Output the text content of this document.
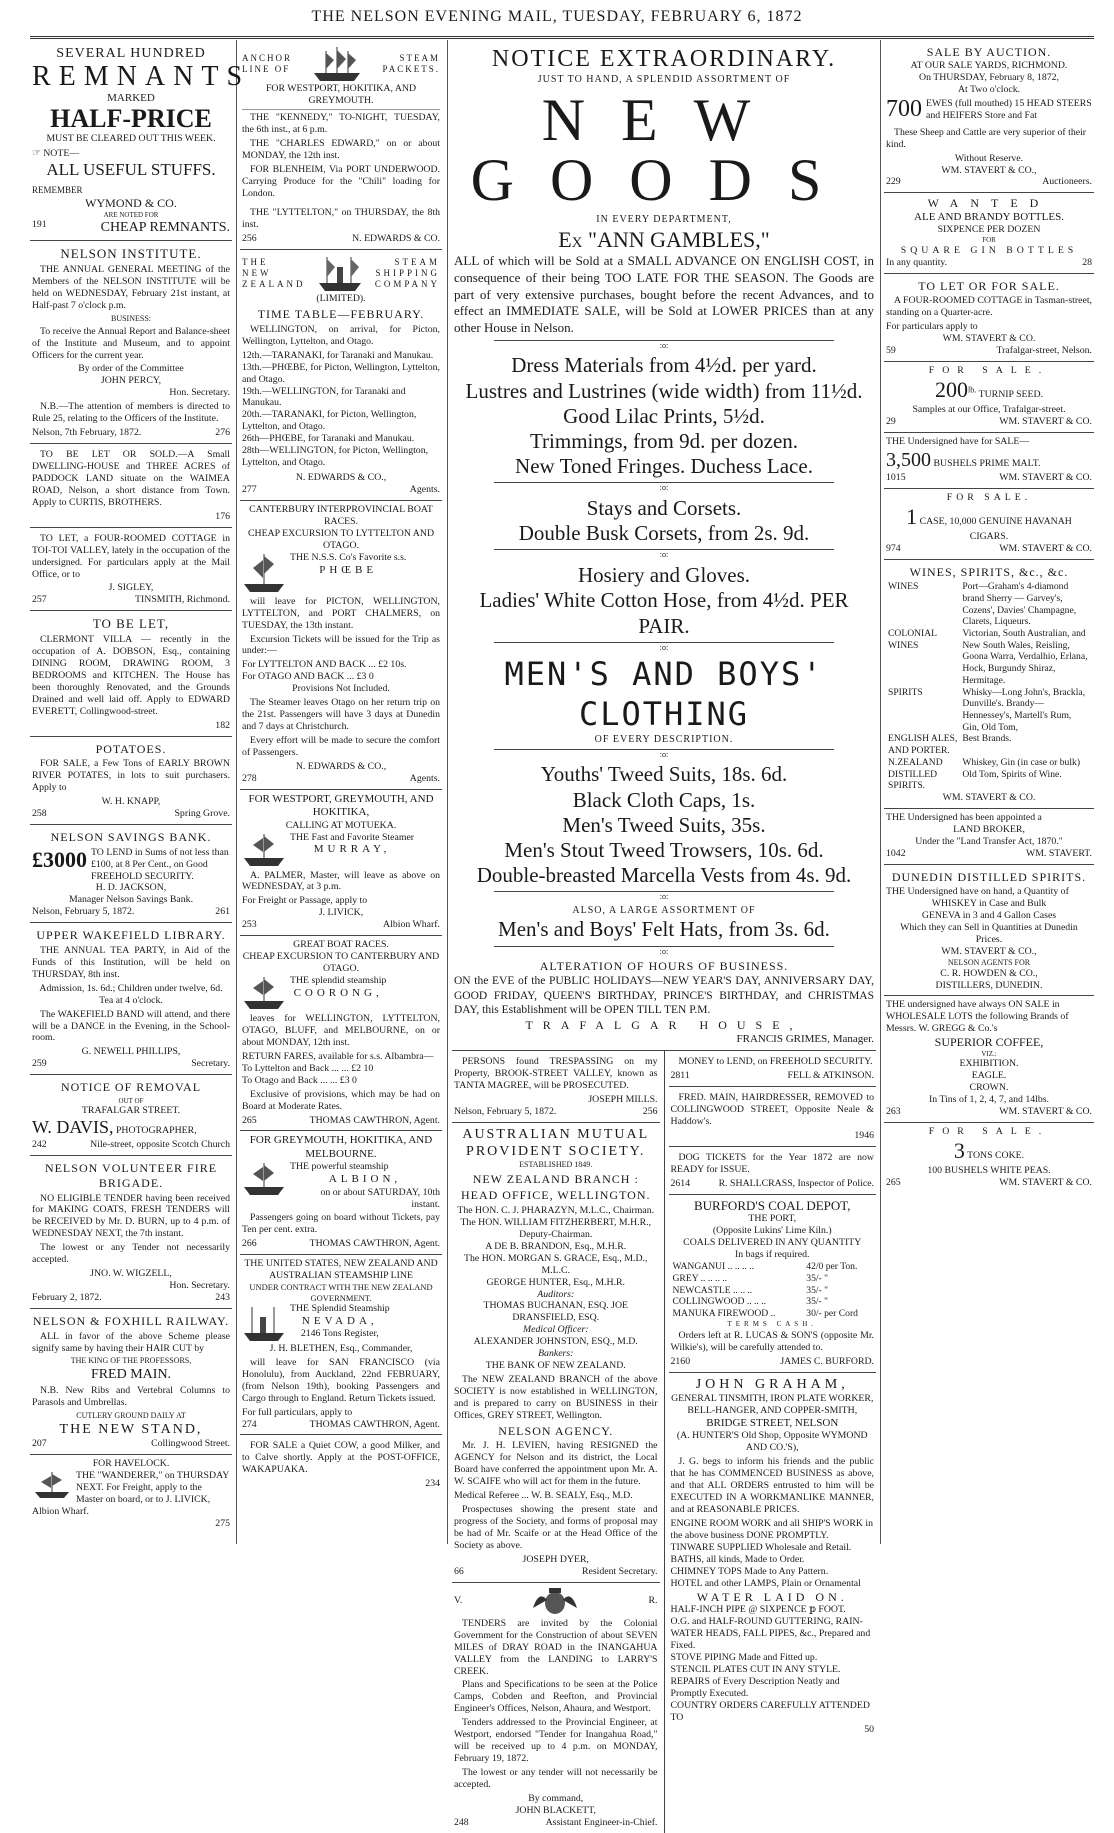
THE NELSON EVENING MAIL, TUESDAY, FEBRUARY 6, 1872
SEVERAL HUNDRED
REMNANTS
MARKED
HALF-PRICE
MUST BE CLEARED OUT THIS WEEK.
☞ NOTE—
ALL USEFUL STUFFS.
REMEMBER
WYMOND & CO.
ARE NOTED FOR
191	CHEAP REMNANTS.
NELSON INSTITUTE.
THE ANNUAL GENERAL MEETING of the Members of the NELSON INSTITUTE will be held on WEDNESDAY, February 21st instant, at Half-past 7 o'clock p.m.
BUSINESS:
To receive the Annual Report and Balance-sheet of the Institute and Museum, and to appoint Officers for the current year.
By order of the Committee
JOHN PERCY,
Hon. Secretary.
N.B.—The attention of members is directed to Rule 25, relating to the Officers of the Institute.
Nelson, 7th February, 1872.	276
TO BE LET OR SOLD.—A Small DWELLING-HOUSE and THREE ACRES of PADDOCK LAND situate on the WAIMEA ROAD, Nelson, a short distance from Town. Apply to CURTIS, BROTHERS.
176
TO LET, a FOUR-ROOMED COTTAGE in TOI-TOI VALLEY, lately in the occupation of the undersigned. For particulars apply at the Mail Office, or to
J. SIGLEY,
257	TINSMITH, Richmond.
TO BE LET,
CLERMONT VILLA — recently in the occupation of A. DOBSON, Esq., containing DINING ROOM, DRAWING ROOM, 3 BEDROOMS and KITCHEN. The House has been thoroughly Renovated, and the Grounds Drained and well laid off. Apply to EDWARD EVERETT, Collingwood-street.
182
POTATOES.
FOR SALE, a Few Tons of EARLY BROWN RIVER POTATES, in lots to suit purchasers. Apply to
W. H. KNAPP,
258	Spring Grove.
NELSON SAVINGS BANK.
£3000 TO LEND in Sums of not less than £100, at 8 Per Cent., on Good FREEHOLD SECURITY.
H. D. JACKSON,
Manager Nelson Savings Bank.
Nelson, February 5, 1872.	261
UPPER WAKEFIELD LIBRARY.
THE ANNUAL TEA PARTY, in Aid of the Funds of this Institution, will be held on THURSDAY, 8th inst.
Admission, 1s. 6d.; Children under twelve, 6d.
Tea at 4 o'clock.
The WAKEFIELD BAND will attend, and there will be a DANCE in the Evening, in the School-room.
G. NEWELL PHILLIPS,
259	Secretary.
NOTICE OF REMOVAL
OUT OF
TRAFALGAR STREET.
W. DAVIS, PHOTOGRAPHER,
242	Nile-street, opposite Scotch Church
NELSON VOLUNTEER FIRE BRIGADE.
NO ELIGIBLE TENDER having been received for MAKING COATS, FRESH TENDERS will be RECEIVED by Mr. D. BURN, up to 4 p.m. of WEDNESDAY NEXT, the 7th instant.
The lowest or any Tender not necessarily accepted.
JNO. W. WIGZELL,
Hon. Secretary.
February 2, 1872.	243
NELSON & FOXHILL RAILWAY.
ALL in favor of the above Scheme please signify same by having their HAIR CUT by
THE KING OF THE PROFESSORS,
FRED MAIN.
N.B. New Ribs and Vertebral Columns to Parasols and Umbrellas.
CUTLERY GROUND DAILY AT
THE NEW STAND,
207	Collingwood Street.
FOR HAVELOCK.
THE "WANDERER," on THURSDAY NEXT. For Freight, apply to the Master on board, or to J. LIVICK, Albion Wharf.
275
ANCHOR
LINE OF
STEAM
PACKETS.
FOR WESTPORT, HOKITIKA, AND GREYMOUTH.
THE "KENNEDY," TO-NIGHT, TUESDAY, the 6th inst., at 6 p.m.
THE "CHARLES EDWARD," on or about MONDAY, the 12th inst.
FOR BLENHEIM, Via PORT UNDERWOOD. Carrying Produce for the "Chili" loading for London.
THE "LYTTELTON," on THURSDAY, the 8th inst.
256	N. EDWARDS & CO.
THE
NEW
ZEALAND
STEAM
SHIPPING
COMPANY
(LIMITED).
TIME TABLE—FEBRUARY.
WELLINGTON, on arrival, for Picton, Wellington, Lyttelton, and Otago.
12th.—TARANAKI, for Taranaki and Manukau.
13th.—PHŒBE, for Picton, Wellington, Lyttelton, and Otago.
19th.—WELLINGTON, for Taranaki and Manukau.
20th.—TARANAKI, for Picton, Wellington, Lyttelton, and Otago.
26th—PHŒBE, for Taranaki and Manukau.
28th—WELLINGTON, for Picton, Wellington, Lyttelton, and Otago.
N. EDWARDS & CO.,
277	Agents.
CANTERBURY INTERPROVINCIAL BOAT RACES.
CHEAP EXCURSION TO LYTTELTON AND OTAGO.
THE N.S.S. Co's Favorite s.s.
PHŒBE
will leave for PICTON, WELLINGTON, LYTTELTON, and PORT CHALMERS, on TUESDAY, the 13th instant.
Excursion Tickets will be issued for the Trip as under:—
For LYTTELTON AND BACK ... £2 10s.
For OTAGO AND BACK ... £3 0
Provisions Not Included.
The Steamer leaves Otago on her return trip on the 21st. Passengers will have 3 days at Dunedin and 7 days at Christchurch.
Every effort will be made to secure the comfort of Passengers.
N. EDWARDS & CO.,
278	Agents.
FOR WESTPORT, GREYMOUTH, AND HOKITIKA,
CALLING AT MOTUEKA.
THE Fast and Favorite Steamer
MURRAY,
A. PALMER, Master, will leave as above on WEDNESDAY, at 3 p.m.
For Freight or Passage, apply to
J. LIVICK,
253	Albion Wharf.
GREAT BOAT RACES.
CHEAP EXCURSION TO CANTERBURY AND OTAGO.
THE splendid steamship
COORONG,
leaves for WELLINGTON, LYTTELTON, OTAGO, BLUFF, and MELBOURNE, on or about MONDAY, 12th inst.
RETURN FARES, available for s.s. Albambra—
To Lyttelton and Back ... ... £2 10
To Otago and Back ... ... £3 0
Exclusive of provisions, which may be had on Board at Moderate Rates.
265	THOMAS CAWTHRON, Agent.
FOR GREYMOUTH, HOKITIKA, AND MELBOURNE.
THE powerful steamship
ALBION,
on or about SATURDAY, 10th instant.
Passengers going on board without Tickets, pay Ten per cent. extra.
266	THOMAS CAWTHRON, Agent.
THE UNITED STATES, NEW ZEALAND AND AUSTRALIAN STEAMSHIP LINE
UNDER CONTRACT WITH THE NEW ZEALAND GOVERNMENT.
THE Splendid Steamship
NEVADA,
2146 Tons Register,
J. H. BLETHEN, Esq., Commander,
will leave for SAN FRANCISCO (via Honolulu), from Auckland, 22nd FEBRUARY, (from Nelson 19th), booking Passengers and Cargo through to England. Return Tickets issued.
For full particulars, apply to
274	THOMAS CAWTHRON, Agent.
FOR SALE a Quiet COW, a good Milker, and to Calve shortly. Apply at the POST-OFFICE, WAKAPUAKA.
234
NOTICE EXTRAORDINARY.
JUST TO HAND, A SPLENDID ASSORTMENT OF
NEW GOODS
IN EVERY DEPARTMENT,
Ex "ANN GAMBLES,"
ALL of which will be Sold at a SMALL ADVANCE ON ENGLISH COST, in consequence of their being TOO LATE FOR THE SEASON. The Goods are part of very extensive purchases, bought before the recent Advances, and to effect an IMMEDIATE SALE, will be Sold at LOWER PRICES than at any other House in Nelson.
:o:
Dress Materials from 4½d. per yard.
Lustres and Lustrines (wide width) from 11½d.
Good Lilac Prints, 5½d.
Trimmings, from 9d. per dozen.
New Toned Fringes. Duchess Lace.
:o:
Stays and Corsets.
Double Busk Corsets, from 2s. 9d.
:o:
Hosiery and Gloves.
Ladies' White Cotton Hose, from 4½d. PER PAIR.
:o:
MEN'S AND BOYS' CLOTHING
OF EVERY DESCRIPTION.
:o:
Youths' Tweed Suits, 18s. 6d.
Black Cloth Caps, 1s.
Men's Tweed Suits, 35s.
Men's Stout Tweed Trowsers, 10s. 6d.
Double-breasted Marcella Vests from 4s. 9d.
:o:
ALSO, A LARGE ASSORTMENT OF
Men's and Boys' Felt Hats, from 3s. 6d.
:o:
ALTERATION OF HOURS OF BUSINESS.
ON the EVE of the PUBLIC HOLIDAYS—NEW YEAR'S DAY, ANNIVERSARY DAY, GOOD FRIDAY, QUEEN'S BIRTHDAY, PRINCE'S BIRTHDAY, and CHRISTMAS DAY, this Establishment will be OPEN TILL TEN P.M.
TRAFALGAR HOUSE,
FRANCIS GRIMES, Manager.
PERSONS found TRESPASSING on my Property, BROOK-STREET VALLEY, known as TANTA MAGREE, will be PROSECUTED.
JOSEPH MILLS.
Nelson, February 5, 1872.	256
AUSTRALIAN MUTUAL
PROVIDENT SOCIETY.
ESTABLISHED 1849.
NEW ZEALAND BRANCH :
HEAD OFFICE, WELLINGTON.
The HON. C. J. PHARAZYN, M.L.C., Chairman.
The HON. WILLIAM FITZHERBERT, M.H.R., Deputy-Chairman.
A DE B. BRANDON, Esq., M.H.R.
The HON. MORGAN S. GRACE, Esq., M.D., M.L.C.
GEORGE HUNTER, Esq., M.H.R.
Auditors:
THOMAS BUCHANAN, ESQ. JOE DRANSFIELD, ESQ.
Medical Officer:
ALEXANDER JOHNSTON, ESQ., M.D.
Bankers:
THE BANK OF NEW ZEALAND.
The NEW ZEALAND BRANCH of the above SOCIETY is now established in WELLINGTON, and is prepared to carry on BUSINESS in their Offices, GREY STREET, Wellington.
NELSON AGENCY.
Mr. J. H. LEVIEN, having RESIGNED the AGENCY for Nelson and its district, the Local Board have conferred the appointment upon Mr. A. W. SCAIFE who will act for them in the future.
Medical Referee ... W. B. SEALY, Esq., M.D.
Prospectuses showing the present state and progress of the Society, and forms of proposal may be had of Mr. Scaife or at the Head Office of the Society as above.
JOSEPH DYER,
66	Resident Secretary.
V.	R.
TENDERS are invited by the Colonial Government for the Construction of about SEVEN MILES of DRAY ROAD in the INANGAHUA VALLEY from the LANDING to LARRY'S CREEK.
Plans and Specifications to be seen at the Police Camps, Cobden and Reefton, and Provincial Engineer's Offices, Nelson, Ahaura, and Westport.
Tenders addressed to the Provincial Engineer, at Westport, endorsed "Tender for Inangahua Road," will be received up to 4 p.m. on MONDAY, February 19, 1872.
The lowest or any tender will not necessarily be accepted.
By command,
JOHN BLACKETT,
248	Assistant Engineer-in-Chief.
MONEY to LEND, on FREEHOLD SECURITY.
2811	FELL & ATKINSON.
FRED. MAIN, HAIRDRESSER, REMOVED to COLLINGWOOD STREET, Opposite Neale & Haddow's.
1946
DOG TICKETS for the Year 1872 are now READY for ISSUE.
2614	R. SHALLCRASS, Inspector of Police.
BURFORD'S COAL DEPOT,
THE PORT,
(Opposite Lukins' Lime Kiln.)
COALS DELIVERED IN ANY QUANTITY
In bags if required.
WANGANUI .. .. .. ..	42/0 per Ton.
GREY .. .. .. ..	35/- "
NEWCASTLE .. .. ..	35/- "
COLLINGWOOD .. .. ..	35/- "
MANUKA FIREWOOD ..	30/- per Cord
TERMS CASH.
Orders left at R. LUCAS & SON'S (opposite Mr. Wilkie's), will be carefully attended to.
2160	JAMES C. BURFORD.
JOHN GRAHAM,
GENERAL TINSMITH, IRON PLATE WORKER, BELL-HANGER, AND COPPER-SMITH,
BRIDGE STREET, NELSON
(A. HUNTER'S Old Shop, Opposite WYMOND AND CO.'S),
J. G. begs to inform his friends and the public that he has COMMENCED BUSINESS as above, and that ALL ORDERS entrusted to him will be EXECUTED IN A WORKMANLIKE MANNER, and at REASONABLE PRICES.
ENGINE ROOM WORK and all SHIP'S WORK in the above business DONE PROMPTLY.
TINWARE SUPPLIED Wholesale and Retail.
BATHS, all kinds, Made to Order.
CHIMNEY TOPS Made to Any Pattern.
HOTEL and other LAMPS, Plain or Ornamental
WATER LAID ON.
HALF-INCH PIPE @ SIXPENCE 𝕡 FOOT.
O.G. and HALF-ROUND GUTTERING, RAIN-WATER HEADS, FALL PIPES, &c., Prepared and Fixed.
STOVE PIPING Made and Fitted up.
STENCIL PLATES CUT IN ANY STYLE.
REPAIRS of Every Description Neatly and Promptly Executed.
COUNTRY ORDERS CAREFULLY ATTENDED TO
50
SALE BY AUCTION.
AT OUR SALE YARDS, RICHMOND.
On THURSDAY, February 8, 1872,
At Two o'clock.
700 EWES (full mouthed) 15 HEAD STEERS and HEIFERS Store and Fat
These Sheep and Cattle are very superior of their kind.
Without Reserve.
WM. STAVERT & CO.,
229	Auctioneers.
WANTED
ALE AND BRANDY BOTTLES.
SIXPENCE PER DOZEN
FOR
SQUARE GIN BOTTLES
In any quantity.	28
TO LET OR FOR SALE.
A FOUR-ROOMED COTTAGE in Tasman-street, standing on a Quarter-acre.
For particulars apply to
WM. STAVERT & CO.
59	Trafalgar-street, Nelson.
FOR SALE.
$200^{lb.}$ TURNIP SEED.
Samples at our Office, Trafalgar-street.
29	WM. STAVERT & CO.
THE Undersigned have for SALE—
3,500 BUSHELS PRIME MALT.
1015	WM. STAVERT & CO.
FOR SALE.
1 CASE, 10,000 GENUINE HAVANAH CIGARS.
974	WM. STAVERT & CO.
WINES, SPIRITS, &c., &c.
WINES	Port—Graham's 4-diamond brand Sherry — Garvey's, Cozens', Davies' Champagne, Clarets, Liqueurs.
COLONIAL WINES	Victorian, South Australian, and New South Wales, Reisling, Goona Warra, Verdalhio, Erlana, Hock, Burgundy Shiraz, Hermitage.
SPIRITS	Whisky—Long John's, Brackla, Dunville's. Brandy—Hennessey's, Martell's Rum, Gin, Old Tom,
ENGLISH ALES, AND PORTER.	Best Brands.
N.ZEALAND DISTILLED SPIRITS.	Whiskey, Gin (in case or bulk) Old Tom, Spirits of Wine.
WM. STAVERT & CO.
THE Undersigned has been appointed a
LAND BROKER,
Under the "Land Transfer Act, 1870."
1042	WM. STAVERT.
DUNEDIN DISTILLED SPIRITS.
THE Undersigned have on hand, a Quantity of
WHISKEY in Case and Bulk
GENEVA in 3 and 4 Gallon Cases
Which they can Sell in Quantities at Dunedin Prices.
WM. STAVERT & CO.,
NELSON AGENTS FOR
C. R. HOWDEN & CO.,
DISTILLERS, DUNEDIN.
THE undersigned have always ON SALE in WHOLESALE LOTS the following Brands of Messrs. W. GREGG & Co.'s
SUPERIOR COFFEE,
VIZ.:
EXHIBITION.
EAGLE.
CROWN.
In Tins of 1, 2, 4, 7, and 14lbs.
263	WM. STAVERT & CO.
FOR SALE.
3 TONS COKE.
100 BUSHELS WHITE PEAS.
265	WM. STAVERT & CO.
